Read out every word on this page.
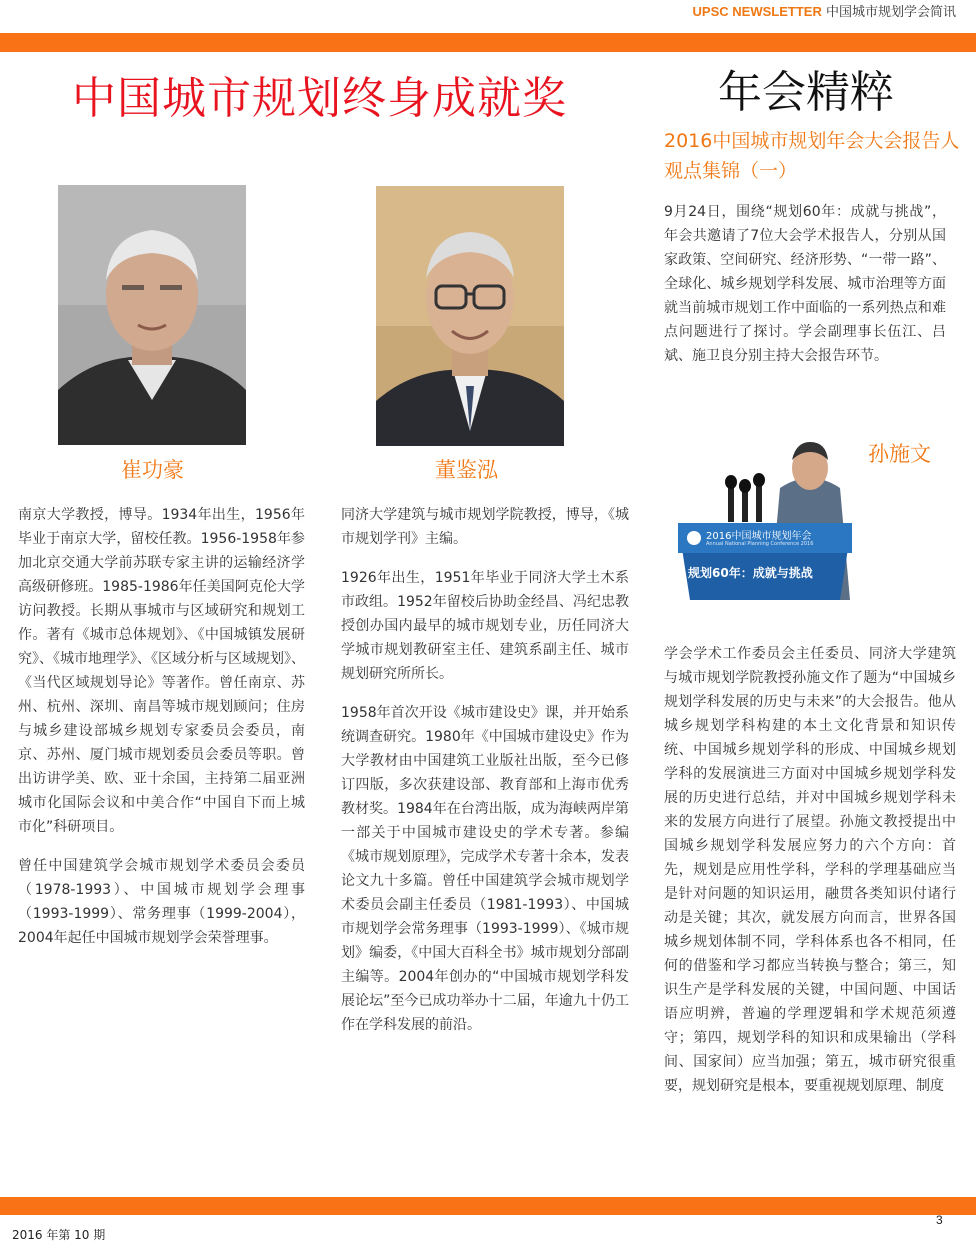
UPSC NEWSLETTER 中国城市规划学会简讯
中国城市规划终身成就奖	年会精粹
2016中国城市规划年会大会报告人观点集锦（一）
崔功豪	董鉴泓

南京大学教授，博导。1934年出生，1956年毕业于南京大学，留校任教。1956-1958年参加北京交通大学前苏联专家主讲的运输经济学高级研修班。1985-1986年任美国阿克伦大学访问教授。长期从事城市与区域研究和规划工作。著有《城市总体规划》、《中国城镇发展研究》、《城市地理学》、《区域分析与区域规划》、《当代区域规划导论》等著作。曾任南京、苏州、杭州、深圳、南昌等城市规划顾问；住房与城乡建设部城乡规划专家委员会委员，南京、苏州、厦门城市规划委员会委员等职。曾出访讲学美、欧、亚十余国，主持第二届亚洲城市化国际会议和中美合作“中国自下而上城市化”科研项目。

曾任中国建筑学会城市规划学术委员会委员（1978-1993）、中国城市规划学会理事（1993-1999）、常务理事（1999-2004），2004年起任中国城市规划学会荣誉理事。

同济大学建筑与城市规划学院教授，博导，《城市规划学刊》主编。

1926年出生，1951年毕业于同济大学土木系市政组。1952年留校后协助金经昌、冯纪忠教授创办国内最早的城市规划专业，历任同济大学城市规划教研室主任、建筑系副主任、城市规划研究所所长。

1958年首次开设《城市建设史》课，并开始系统调查研究。1980年《中国城市建设史》作为大学教材由中国建筑工业版社出版，至今已修订四版，多次获建设部、教育部和上海市优秀教材奖。1984年在台湾出版，成为海峡两岸第一部关于中国城市建设史的学术专著。参编《城市规划原理》，完成学术专著十余本，发表论文九十多篇。曾任中国建筑学会城市规划学术委员会副主任委员（1981-1993）、中国城市规划学会常务理事（1993-1999）、《城市规划》编委，《中国大百科全书》城市规划分部副主编等。2004年创办的“中国城市规划学科发展论坛”至今已成功举办十二届，年逾九十仍工作在学科发展的前沿。

9月24日，围绕“规划60年：成就与挑战”，年会共邀请了7位大会学术报告人，分别从国家政策、空间研究、经济形势、“一带一路”、全球化、城乡规划学科发展、城市治理等方面就当前城市规划工作中面临的一系列热点和难点问题进行了探讨。学会副理事长伍江、吕斌、施卫良分别主持大会报告环节。

2016中国城市规划年会
Annual National Planning Conference 2016
规划60年：成就与挑战
孙施文

学会学术工作委员会主任委员、同济大学建筑与城市规划学院教授孙施文作了题为“中国城乡规划学科发展的历史与未来”的大会报告。他从城乡规划学科构建的本土文化背景和知识传统、中国城乡规划学科的形成、中国城乡规划学科的发展演进三方面对中国城乡规划学科发展的历史进行总结，并对中国城乡规划学科未来的发展方向进行了展望。孙施文教授提出中国城乡规划学科发展应努力的六个方向：首先，规划是应用性学科，学科的学理基础应当是针对问题的知识运用，融贯各类知识付诸行动是关键；其次，就发展方向而言，世界各国城乡规划体制不同，学科体系也各不相同，任何的借鉴和学习都应当转换与整合；第三，知识生产是学科发展的关键，中国问题、中国话语应明辨，普遍的学理逻辑和学术规范须遵守；第四，规划学科的知识和成果输出（学科间、国家间）应当加强；第五，城市研究很重要，规划研究是根本，要重视规划原理、制度

3
2016 年第 10 期
